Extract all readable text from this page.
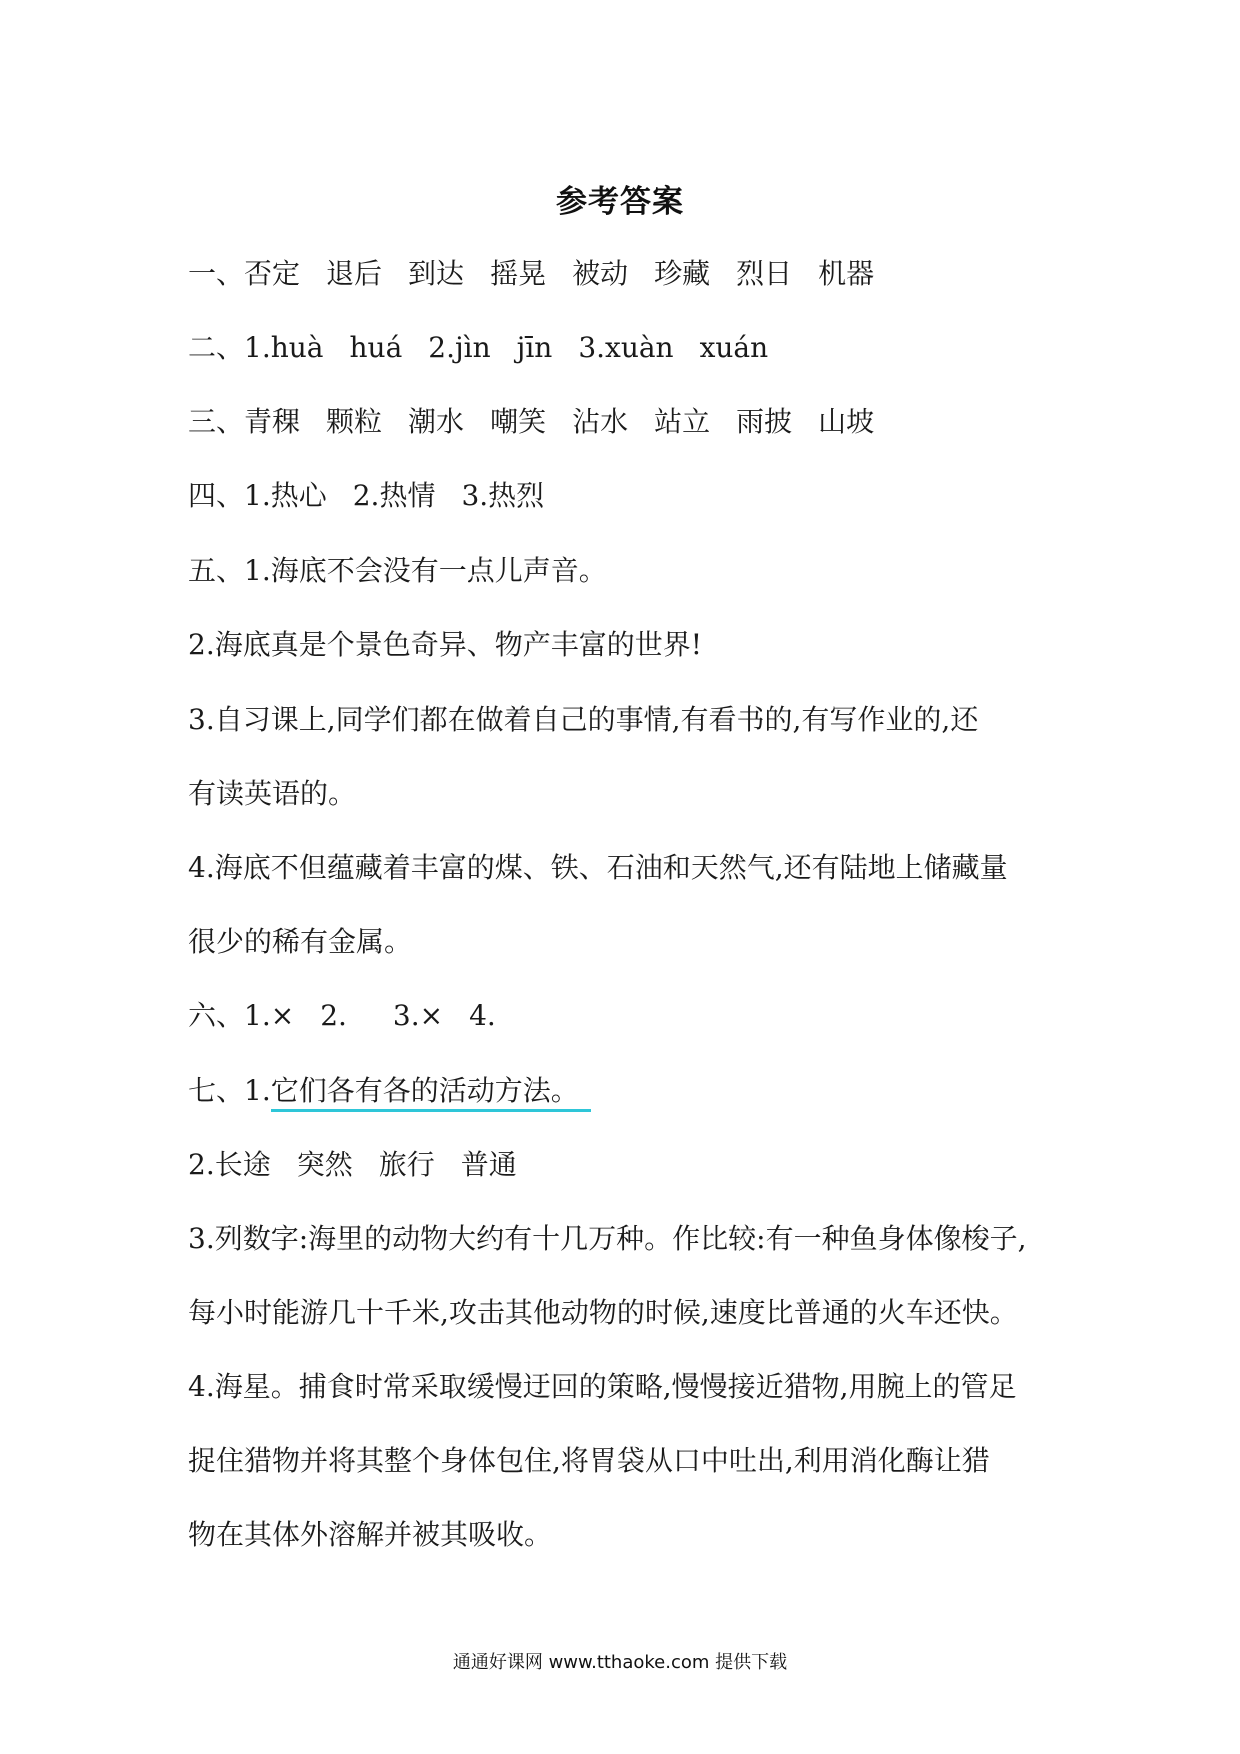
参考答案
一、否定 退后 到达 摇晃 被动 珍藏 烈日 机器
二、1.huà huá 2.jìn jīn 3.xuàn xuán
三、青稞 颗粒 潮水 嘲笑 沾水 站立 雨披 山坡
四、1.热心 2.热情 3.热烈
五、1.海底不会没有一点儿声音。
2.海底真是个景色奇异、物产丰富的世界!
3.自习课上,同学们都在做着自己的事情,有看书的,有写作业的,还
有读英语的。
4.海底不但蕴藏着丰富的煤、铁、石油和天然气,还有陆地上储藏量
很少的稀有金属。
六、1.× 2. 3.× 4.
七、1.它们各有各的活动方法。
2.长途 突然 旅行 普通
3.列数字:海里的动物大约有十几万种。作比较:有一种鱼身体像梭子,
每小时能游几十千米,攻击其他动物的时候,速度比普通的火车还快。
4.海星。捕食时常采取缓慢迂回的策略,慢慢接近猎物,用腕上的管足
捉住猎物并将其整个身体包住,将胃袋从口中吐出,利用消化酶让猎
物在其体外溶解并被其吸收。
通通好课网 www.tthaoke.com 提供下载
